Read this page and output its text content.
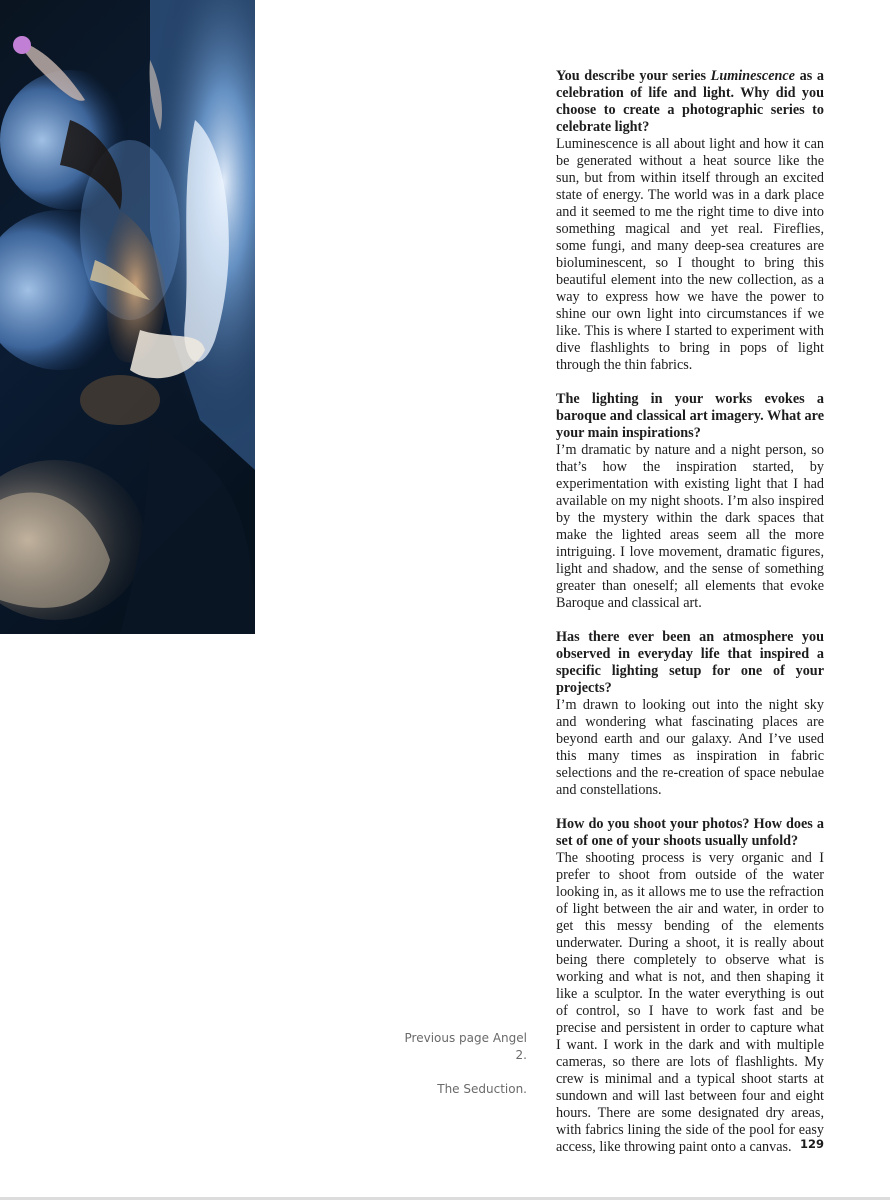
You describe your series Luminescence as a celebration of life and light. Why did you choose to create a photographic series to celebrate light?

Luminescence is all about light and how it can be generated without a heat source like the sun, but from within itself through an excited state of energy. The world was in a dark place and it seemed to me the right time to dive into something magical and yet real. Fireflies, some fungi, and many deep-sea creatures are bioluminescent, so I thought to bring this beautiful element into the new collection, as a way to express how we have the power to shine our own light into circumstances if we like. This is where I started to experiment with dive flashlights to bring in pops of light through the thin fabrics.

The lighting in your works evokes a baroque and classical art imagery. What are your main inspirations?

I’m dramatic by nature and a night person, so that’s how the inspiration started, by experimentation with existing light that I had available on my night shoots. I’m also inspired by the mystery within the dark spaces that make the lighted areas seem all the more intriguing. I love movement, dramatic figures, light and shadow, and the sense of something greater than oneself; all elements that evoke Baroque and classical art.

Has there ever been an atmosphere you observed in everyday life that inspired a specific lighting setup for one of your projects?

I’m drawn to looking out into the night sky and wondering what fascinating places are beyond earth and our galaxy. And I’ve used this many times as inspiration in fabric selections and the re-creation of space nebulae and constellations.

How do you shoot your photos? How does a set of one of your shoots usually unfold?

The shooting process is very organic and I prefer to shoot from outside of the water looking in, as it allows me to use the refraction of light between the air and water, in order to get this messy bending of the elements underwater. During a shoot, it is really about being there completely to observe what is working and what is not, and then shaping it like a sculptor. In the water everything is out of control, so I have to work fast and be precise and persistent in order to capture what I want. I work in the dark and with multiple cameras, so there are lots of flashlights. My crew is minimal and a typical shoot starts at sundown and will last between four and eight hours. There are some designated dry areas, with fabrics lining the side of the pool for easy access, like throwing paint onto a canvas.

Previous page Angel 2.

The Seduction.

129
